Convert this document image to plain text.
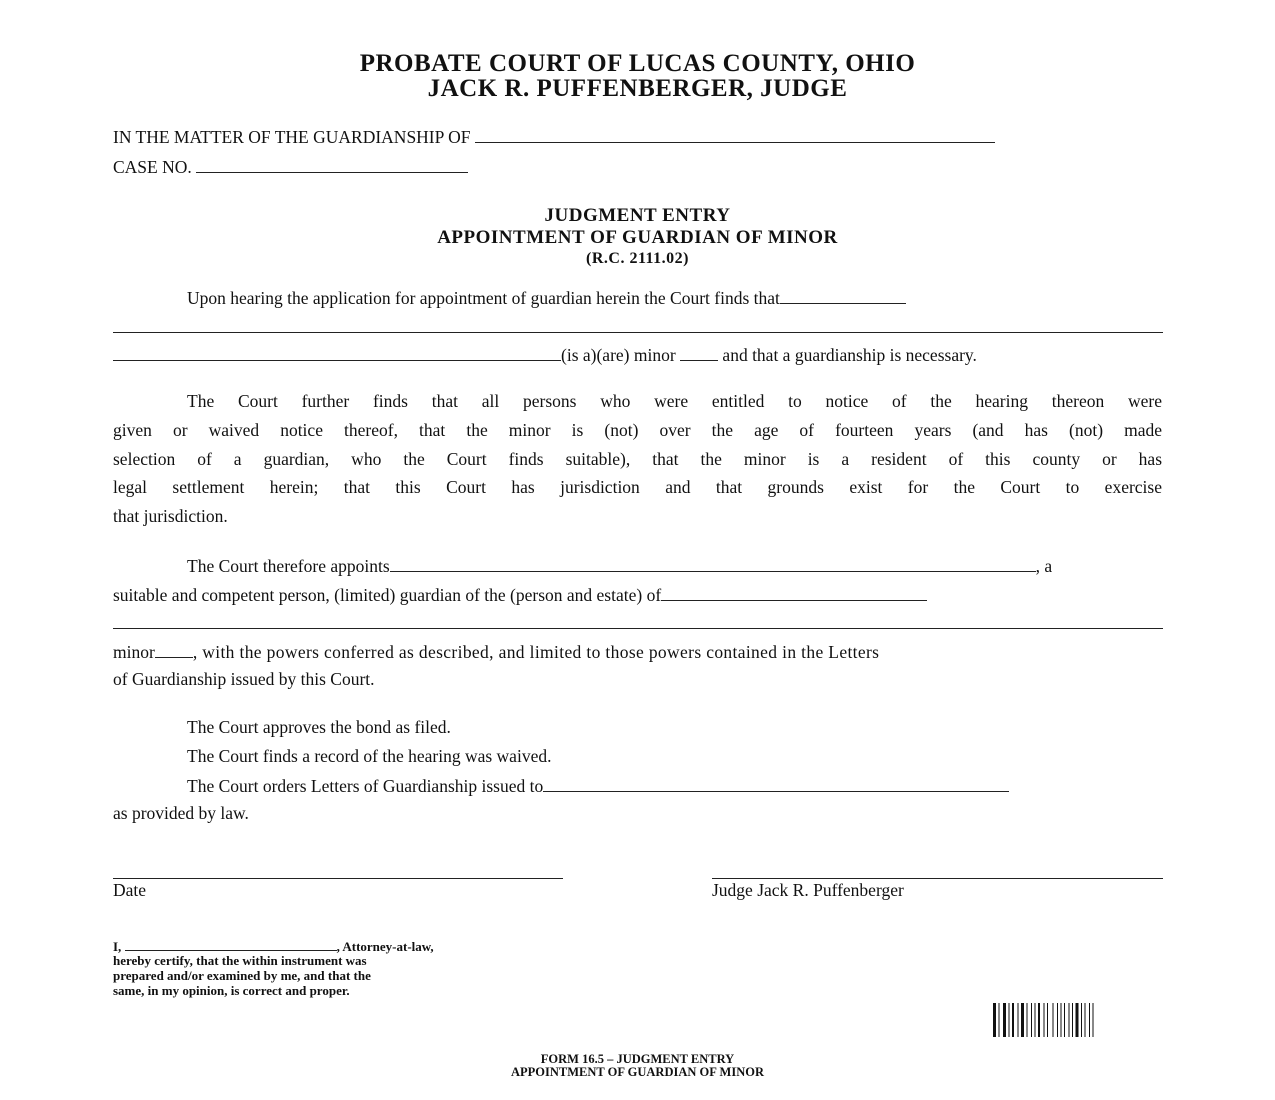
PROBATE COURT OF LUCAS COUNTY, OHIO
JACK R. PUFFENBERGER, JUDGE
IN THE MATTER OF THE GUARDIANSHIP OF
CASE NO.
JUDGMENT ENTRY
APPOINTMENT OF GUARDIAN OF MINOR
(R.C. 2111.02)
Upon hearing the application for appointment of guardian herein the Court finds that
(is a)(are) minor	and that a guardianship is necessary.
The Court further finds that all persons who were entitled to notice of the hearing thereon were
given or waived notice thereof, that the minor is (not) over the age of fourteen years (and has (not) made
selection of a guardian, who the Court finds suitable), that the minor is a resident of this county or has
legal settlement herein; that this Court has jurisdiction and that grounds exist for the Court to exercise
that jurisdiction.
The Court therefore appoints	, a
suitable and competent person, (limited) guardian of the (person and estate) of
minor , with the powers conferred as described, and limited to those powers contained in the Letters
of Guardianship issued by this Court.
The Court approves the bond as filed.
The Court finds a record of the hearing was waived.
The Court orders Letters of Guardianship issued to
as provided by law.
Date	Judge Jack R. Puffenberger
I,	, Attorney-at-law,
hereby certify, that the within instrument was
prepared and/or examined by me, and that the
same, in my opinion, is correct and proper.
FORM 16.5 – JUDGMENT ENTRY
APPOINTMENT OF GUARDIAN OF MINOR
